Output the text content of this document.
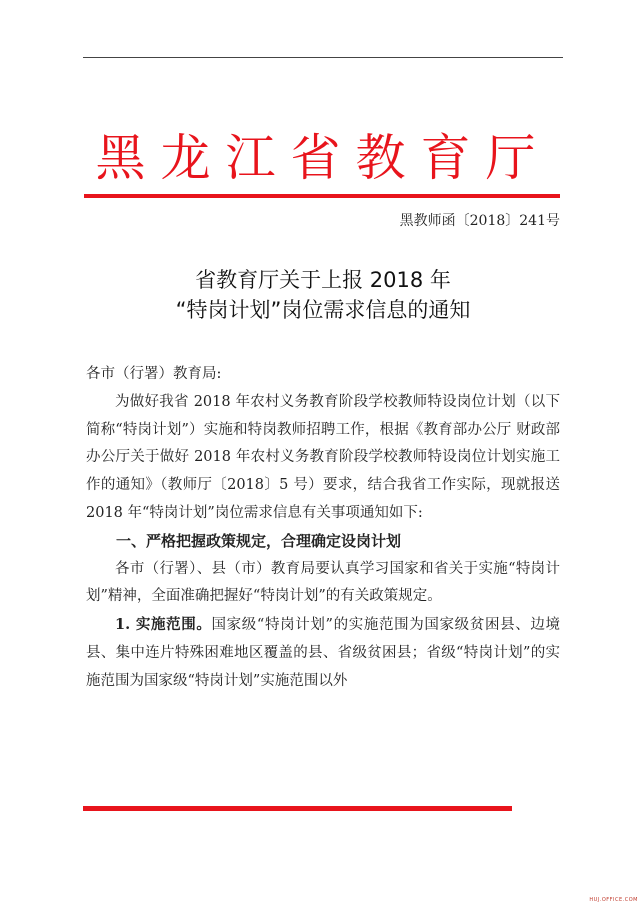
黑龙江省教育厅
黑教师函〔2018〕241号
省教育厅关于上报 2018 年
“特岗计划”岗位需求信息的通知

各市（行署）教育局:

为做好我省 2018 年农村义务教育阶段学校教师特设岗位计划（以下简称“特岗计划”）实施和特岗教师招聘工作，根据《教育部办公厅 财政部办公厅关于做好 2018 年农村义务教育阶段学校教师特设岗位计划实施工作的通知》（教师厅〔2018〕5 号）要求，结合我省工作实际，现就报送 2018 年“特岗计划”岗位需求信息有关事项通知如下:

一、严格把握政策规定，合理确定设岗计划

各市（行署）、县（市）教育局要认真学习国家和省关于实施“特岗计划”精神，全面准确把握好“特岗计划”的有关政策规定。

1. 实施范围。国家级“特岗计划”的实施范围为国家级贫困县、边境县、集中连片特殊困难地区覆盖的县、省级贫困县；省级“特岗计划”的实施范围为国家级“特岗计划”实施范围以外

HUJ.OFFICE.COM
